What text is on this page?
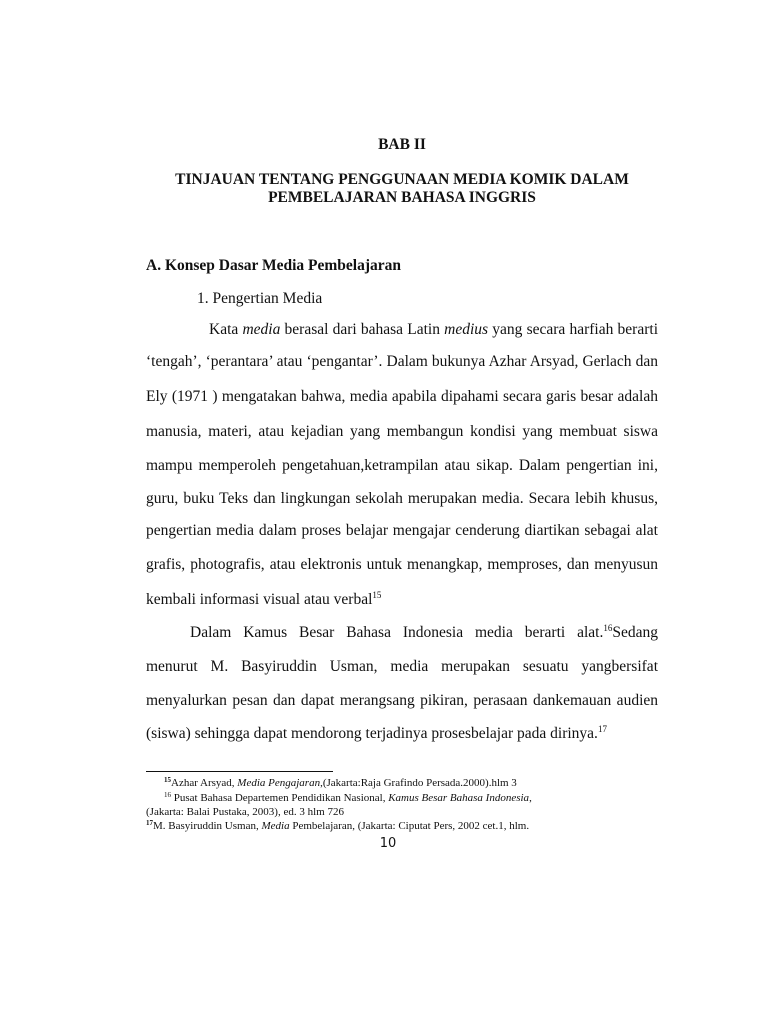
BAB II
TINJAUAN TENTANG PENGGUNAAN MEDIA KOMIK DALAM
PEMBELAJARAN BAHASA INGGRIS
A. Konsep Dasar Media Pembelajaran
1. Pengertian Media
Kata media berasal dari bahasa Latin medius yang secara harfiah berarti
‘tengah’, ‘perantara’ atau ‘pengantar’. Dalam bukunya Azhar Arsyad, Gerlach dan
Ely (1971 ) mengatakan bahwa, media apabila dipahami secara garis besar adalah
manusia, materi, atau kejadian yang membangun kondisi yang membuat siswa
mampu memperoleh pengetahuan,ketrampilan atau sikap. Dalam pengertian ini,
guru, buku Teks dan lingkungan sekolah merupakan media. Secara lebih khusus,
pengertian media dalam proses belajar mengajar cenderung diartikan sebagai alat
grafis, photografis, atau elektronis untuk menangkap, memproses, dan menyusun
kembali informasi visual atau verbal$^{15}$
Dalam Kamus Besar Bahasa Indonesia media berarti alat.$^{16}$Sedang
menurut M. Basyiruddin Usman, media merupakan sesuatu yangbersifat
menyalurkan pesan dan dapat merangsang pikiran, perasaan dankemauan audien
(siswa) sehingga dapat mendorong terjadinya prosesbelajar pada dirinya.$^{17}$
$^{15}$Azhar Arsyad, Media Pengajaran,(Jakarta:Raja Grafindo Persada.2000).hlm 3
$^{16}$ Pusat Bahasa Departemen Pendidikan Nasional, Kamus Besar Bahasa Indonesia,
(Jakarta: Balai Pustaka, 2003), ed. 3 hlm 726
$^{17}$M. Basyiruddin Usman, Media Pembelajaran, (Jakarta: Ciputat Pers, 2002 cet.1, hlm.
10
